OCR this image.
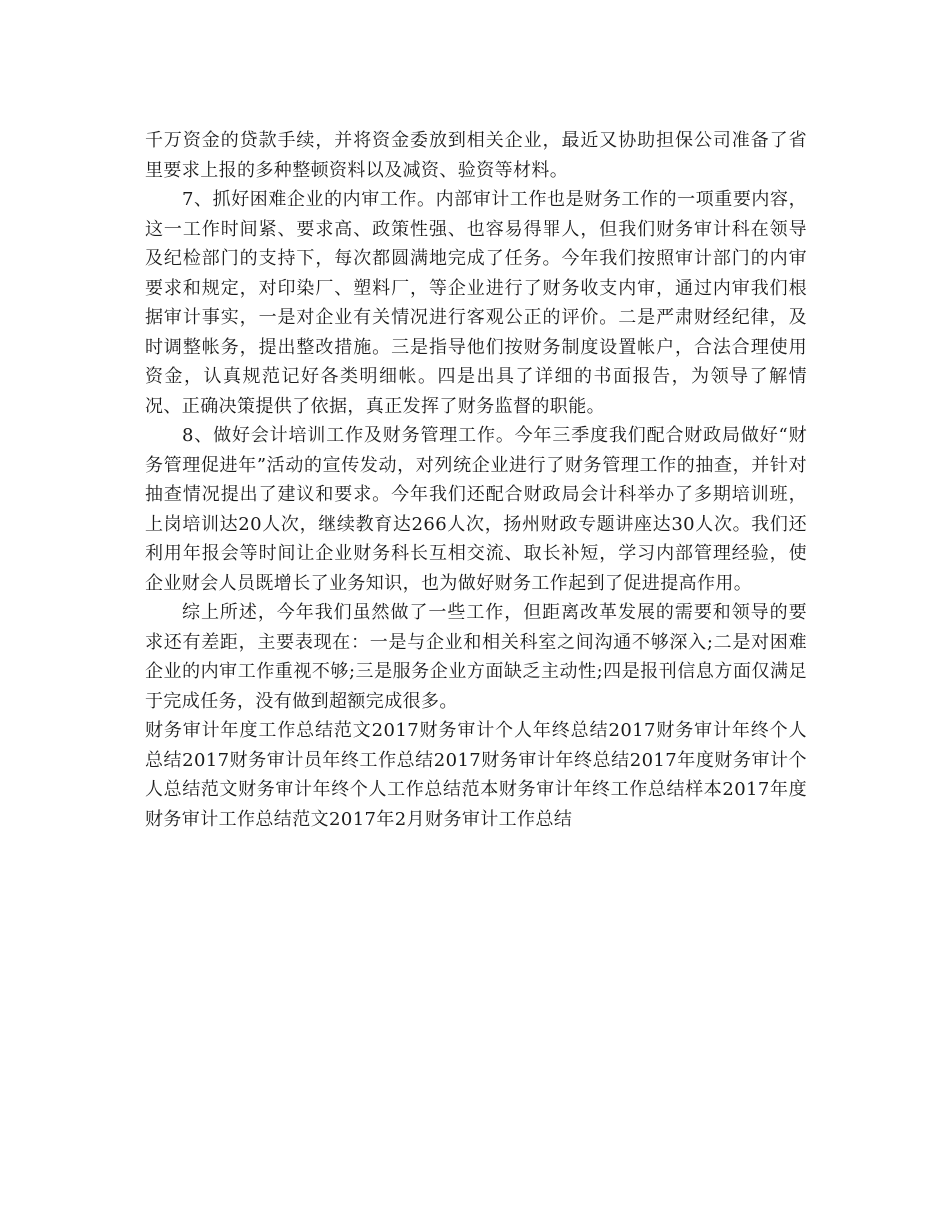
千万资金的贷款手续，并将资金委放到相关企业，最近又协助担保公司准备了省里要求上报的多种整顿资料以及减资、验资等材料。

7、抓好困难企业的内审工作。内部审计工作也是财务工作的一项重要内容，这一工作时间紧、要求高、政策性强、也容易得罪人，但我们财务审计科在领导及纪检部门的支持下，每次都圆满地完成了任务。今年我们按照审计部门的内审要求和规定，对印染厂、塑料厂，等企业进行了财务收支内审，通过内审我们根据审计事实，一是对企业有关情况进行客观公正的评价。二是严肃财经纪律，及时调整帐务，提出整改措施。三是指导他们按财务制度设置帐户，合法合理使用资金，认真规范记好各类明细帐。四是出具了详细的书面报告，为领导了解情况、正确决策提供了依据，真正发挥了财务监督的职能。

8、做好会计培训工作及财务管理工作。今年三季度我们配合财政局做好“财务管理促进年”活动的宣传发动，对列统企业进行了财务管理工作的抽查，并针对抽查情况提出了建议和要求。今年我们还配合财政局会计科举办了多期培训班，上岗培训达20人次，继续教育达266人次，扬州财政专题讲座达30人次。我们还利用年报会等时间让企业财务科长互相交流、取长补短，学习内部管理经验，使企业财会人员既增长了业务知识，也为做好财务工作起到了促进提高作用。

综上所述，今年我们虽然做了一些工作，但距离改革发展的需要和领导的要求还有差距，主要表现在：一是与企业和相关科室之间沟通不够深入;二是对困难企业的内审工作重视不够;三是服务企业方面缺乏主动性;四是报刊信息方面仅满足于完成任务，没有做到超额完成很多。

财务审计年度工作总结范文2017财务审计个人年终总结2017财务审计年终个人总结2017财务审计员年终工作总结2017财务审计年终总结2017年度财务审计个人总结范文财务审计年终个人工作总结范本财务审计年终工作总结样本2017年度财务审计工作总结范文2017年2月财务审计工作总结
